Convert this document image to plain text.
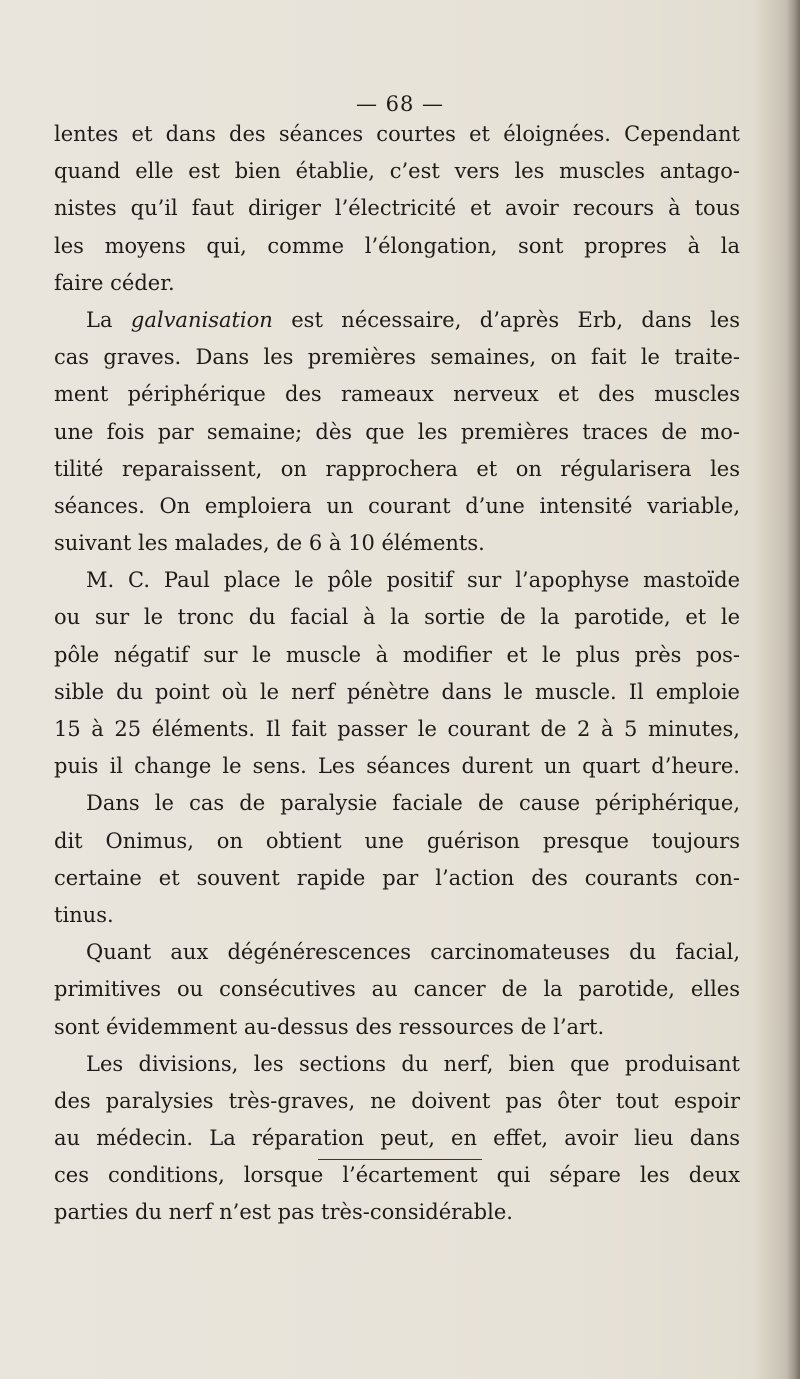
— 68 —
lentes et dans des séances courtes et éloignées. Cependant
quand elle est bien établie, c’est vers les muscles antago-
nistes qu’il faut diriger l’électricité et avoir recours à tous
les moyens qui, comme l’élongation, sont propres à la
faire céder.
La galvanisation est nécessaire, d’après Erb, dans les
cas graves. Dans les premières semaines, on fait le traite-
ment périphérique des rameaux nerveux et des muscles
une fois par semaine; dès que les premières traces de mo-
tilité reparaissent, on rapprochera et on régularisera les
séances. On emploiera un courant d’une intensité variable,
suivant les malades, de 6 à 10 éléments.
M. C. Paul place le pôle positif sur l’apophyse mastoïde
ou sur le tronc du facial à la sortie de la parotide, et le
pôle négatif sur le muscle à modifier et le plus près pos-
sible du point où le nerf pénètre dans le muscle. Il emploie
15 à 25 éléments. Il fait passer le courant de 2 à 5 minutes,
puis il change le sens. Les séances durent un quart d’heure.
Dans le cas de paralysie faciale de cause périphérique,
dit Onimus, on obtient une guérison presque toujours
certaine et souvent rapide par l’action des courants con-
tinus.
Quant aux dégénérescences carcinomateuses du facial,
primitives ou consécutives au cancer de la parotide, elles
sont évidemment au-dessus des ressources de l’art.
Les divisions, les sections du nerf, bien que produisant
des paralysies très-graves, ne doivent pas ôter tout espoir
au médecin. La réparation peut, en effet, avoir lieu dans
ces conditions, lorsque l’écartement qui sépare les deux
parties du nerf n’est pas très-considérable.
